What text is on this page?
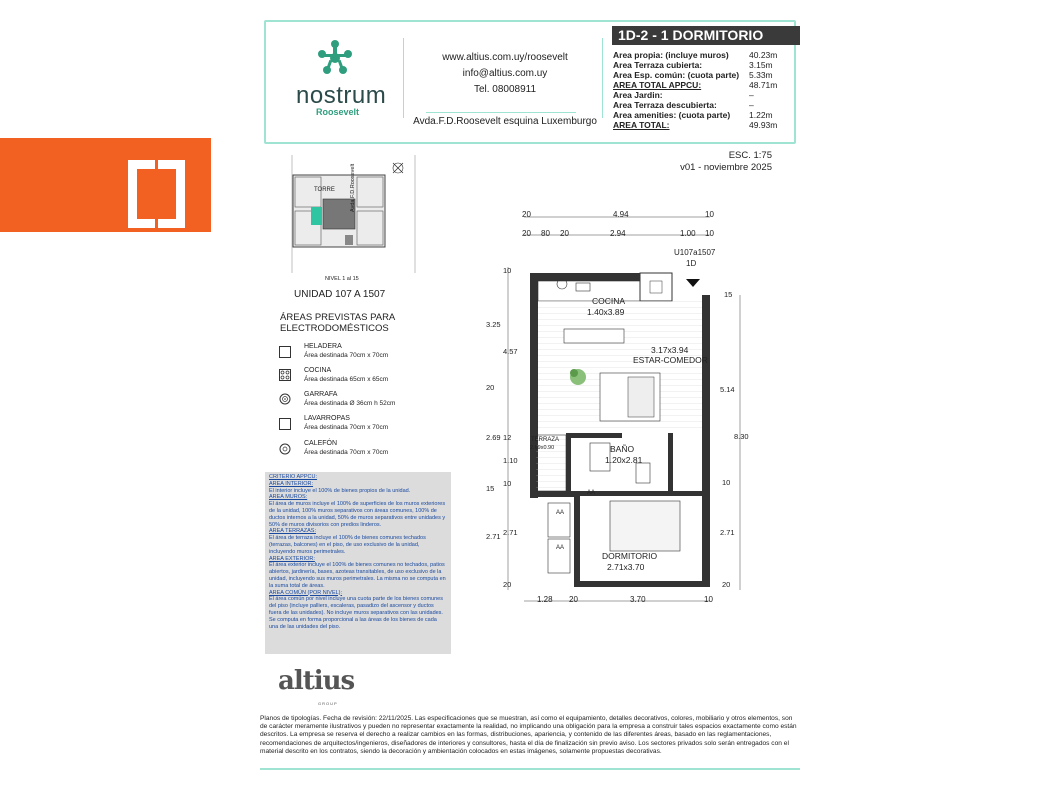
nostrum
Roosevelt
www.altius.com.uy/roosevelt
info@altius.com.uy
Tel. 08008911
Avda.F.D.Roosevelt esquina Luxemburgo
1D-2 - 1 DORMITORIO
Area propia: (incluye muros) 40.23m
Area Terraza cubierta:	3.15m
Area Esp. común: (cuota parte) 5.33m
AREA TOTAL APPCU:	48.71m
Area Jardin:	–
Area Terraza descubierta:	–
Area amenities: (cuota parte) 1.22m
AREA TOTAL:	49.93m
ESC. 1:75
v01 - noviembre 2025
TORRE	Avda.F.D.Roosevelt
NIVEL 1 al 15
UNIDAD 107 A 1507
ÁREAS PREVISTAS PARA
ELECTRODOMÉSTICOS
HELADERA
Área destinada 70cm x 70cm
COCINA
Área destinada 65cm x 65cm
GARRAFA
Área destinada Ø 36cm h 52cm
LAVARROPAS
Área destinada 70cm x 70cm
CALEFÓN
Área destinada 70cm x 70cm
CRITERIO APPCU:
AREA INTERIOR:
El interior incluye el 100% de bienes propios de la unidad.
AREA MUROS:
El área de muros incluye el 100% de superficies de los muros exteriores de la unidad, 100% muros separativos con áreas comunes, 100% de ductos internos a la unidad, 50% de muros separativos entre unidades y 50% de muros divisorios con predios linderos.
AREA TERRAZAS:
El área de terraza incluye el 100% de bienes comunes techados (terrazas, balcones) en el piso, de uso exclusivo de la unidad, incluyendo muros perimetrales.
AREA EXTERIOR:
El área exterior incluye el 100% de bienes comunes no techados, patios abiertos, jardinería, bases, azoteas transitables, de uso exclusivo de la unidad, incluyendo sus muros perimetrales. La misma no se computa en la suma total de áreas.
AREA COMÚN (POR NIVEL):
El área común por nivel incluye una cuota parte de los bienes comunes del piso (incluye palliers, escaleras, pasadizo del ascensor y ductos fuera de las unidades). No incluye muros separativos con las unidades. Se computa en forma proporcional a las áreas de los bienes de cada una de las unidades del piso.
altius
GROUP
Planos de tipologías. Fecha de revisión: 22/11/2025. Las especificaciones que se muestran, así como el equipamiento, detalles decorativos, colores, mobiliario y otros elementos, son de carácter meramente ilustrativos y pueden no representar exactamente la realidad, no implicando una obligación para la empresa a construir tales espacios exactamente como están descritos. La empresa se reserva el derecho a realizar cambios en las formas, distribuciones, apariencia, y contenido de las diferentes áreas, basado en las reglamentaciones, recomendaciones de arquitectos/ingenieros, diseñadores de interiores y consultores, hasta el día de finalización sin previo aviso. Los sectores privados solo serán entregados con el material descrito en los contratos, siendo la decoración y ambientación colocados en estas imágenes, solamente propuestas decorativas.
U107a1507
1D
COCINA
1.40x3.89
3.17x3.94
ESTAR-COMEDOR
TERRAZA
2.69x0.90	BAÑO
1.20x2.81
DORMITORIO
2.71x3.70
AA
AA
AA
20	4.94	10
20 80 20	2.94	1.00 10
1.28 20	3.70	10
10
3.25
4.57
20
2.69 12
1.10
10
15
2.71 2.71
20
15
5.14
8.30
10
2.71
20
